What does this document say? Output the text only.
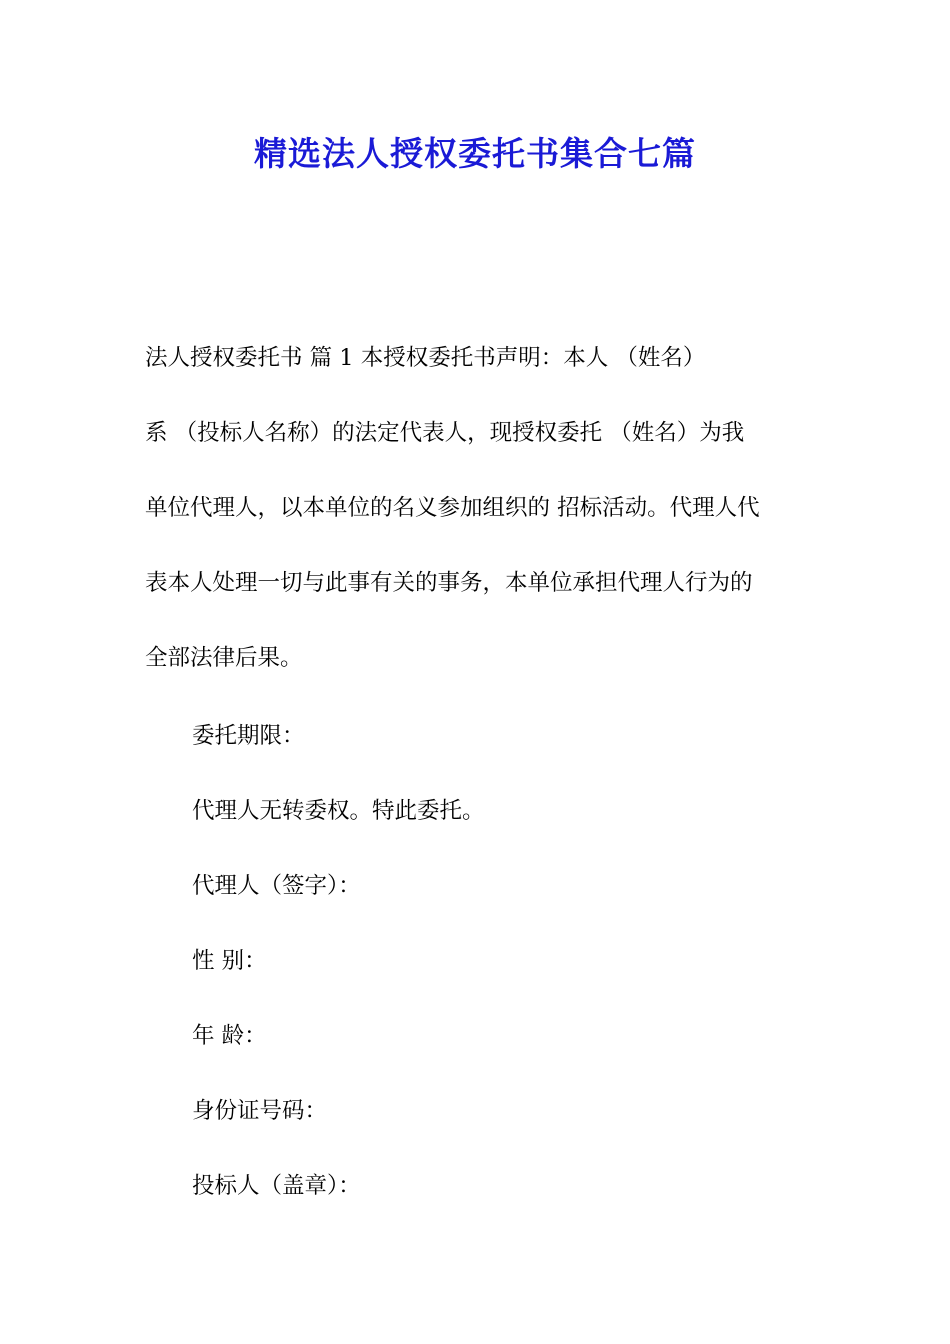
精选法人授权委托书集合七篇
法人授权委托书 篇 1 本授权委托书声明：本人 （姓名）
系 （投标人名称）的法定代表人，现授权委托 （姓名）为我
单位代理人，以本单位的名义参加组织的 招标活动。代理人代
表本人处理一切与此事有关的事务，本单位承担代理人行为的
全部法律后果。

委托期限：

代理人无转委权。特此委托。

代理人（签字）：

性 别：

年 龄：

身份证号码：

投标人（盖章）：
